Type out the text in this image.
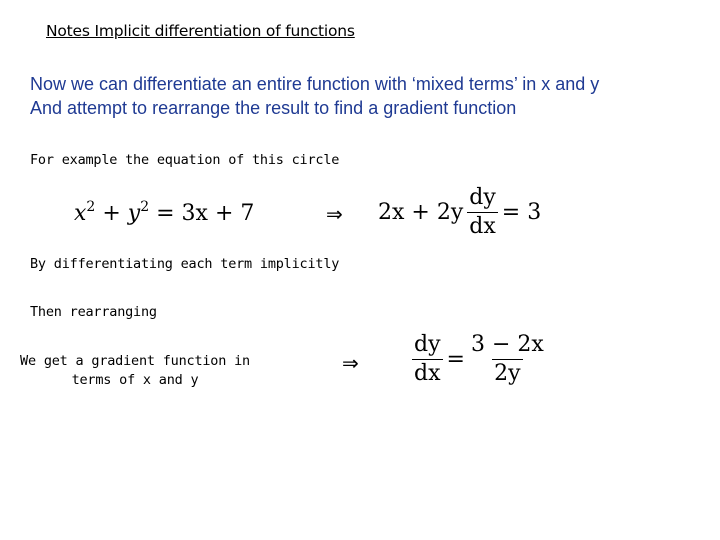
Notes Implicit differentiation of functions
Now we can differentiate an entire function with ‘mixed terms’ in x and y
And attempt to rearrange the result to find a gradient function
For example the equation of this circle
$x^2 + y^2 = 3x + 7$	⇒ $2x + 2y \frac{dy}{dx} = 3$
By differentiating each term implicitly
Then rearranging
We get a gradient function in terms of x and y
⇒ $\frac{dy}{dx} = \frac{3 - 2x}{2y}$
